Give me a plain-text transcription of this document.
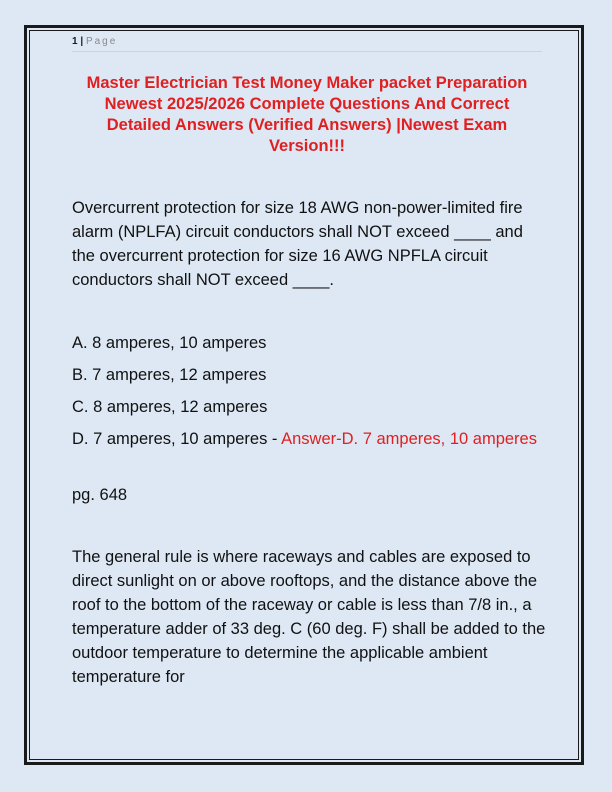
1 | Page
Master Electrician Test Money Maker packet Preparation Newest 2025/2026 Complete Questions And Correct Detailed Answers (Verified Answers) |Newest Exam Version!!!
Overcurrent protection for size 18 AWG non-power-limited fire alarm (NPLFA) circuit conductors shall NOT exceed ____ and the overcurrent protection for size 16 AWG NPFLA circuit conductors shall NOT exceed ____.
A. 8 amperes, 10 amperes
B. 7 amperes, 12 amperes
C. 8 amperes, 12 amperes
D. 7 amperes, 10 amperes - Answer-D. 7 amperes, 10 amperes
pg. 648
The general rule is where raceways and cables are exposed to direct sunlight on or above rooftops, and the distance above the roof to the bottom of the raceway or cable is less than 7/8 in., a temperature adder of 33 deg. C (60 deg. F) shall be added to the outdoor temperature to determine the applicable ambient temperature for
